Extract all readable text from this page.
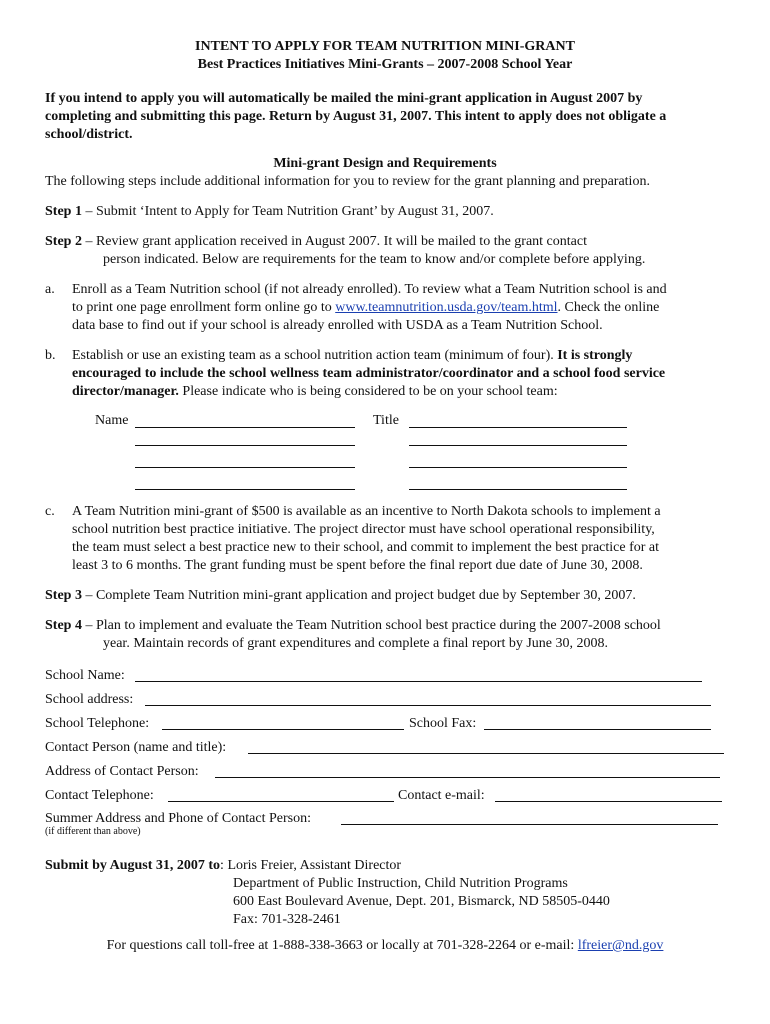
INTENT TO APPLY FOR TEAM NUTRITION MINI-GRANT
Best Practices Initiatives Mini-Grants – 2007-2008 School Year
If you intend to apply you will automatically be mailed the mini-grant application in August 2007 by
completing and submitting this page. Return by August 31, 2007. This intent to apply does not obligate a
school/district.
Mini-grant Design and Requirements
The following steps include additional information for you to review for the grant planning and preparation.
Step 1 – Submit ‘Intent to Apply for Team Nutrition Grant’ by August 31, 2007.
Step 2 – Review grant application received in August 2007. It will be mailed to the grant contact
person indicated. Below are requirements for the team to know and/or complete before applying.
a. Enroll as a Team Nutrition school (if not already enrolled). To review what a Team Nutrition school is and
to print one page enrollment form online go to www.teamnutrition.usda.gov/team.html. Check the online
data base to find out if your school is already enrolled with USDA as a Team Nutrition School.
b. Establish or use an existing team as a school nutrition action team (minimum of four). It is strongly
encouraged to include the school wellness team administrator/coordinator and a school food service
director/manager. Please indicate who is being considered to be on your school team:
Name	Title
c. A Team Nutrition mini-grant of $500 is available as an incentive to North Dakota schools to implement a
school nutrition best practice initiative. The project director must have school operational responsibility,
the team must select a best practice new to their school, and commit to implement the best practice for at
least 3 to 6 months. The grant funding must be spent before the final report due date of June 30, 2008.
Step 3 – Complete Team Nutrition mini-grant application and project budget due by September 30, 2007.
Step 4 – Plan to implement and evaluate the Team Nutrition school best practice during the 2007-2008 school
year. Maintain records of grant expenditures and complete a final report by June 30, 2008.
School Name:
School address:
School Telephone:	School Fax:
Contact Person (name and title):
Address of Contact Person:
Contact Telephone:	Contact e-mail:
Summer Address and Phone of Contact Person:
(if different than above)
Submit by August 31, 2007 to: Loris Freier, Assistant Director
Department of Public Instruction, Child Nutrition Programs
600 East Boulevard Avenue, Dept. 201, Bismarck, ND 58505-0440
Fax: 701-328-2461
For questions call toll-free at 1-888-338-3663 or locally at 701-328-2264 or e-mail: lfreier@nd.gov
